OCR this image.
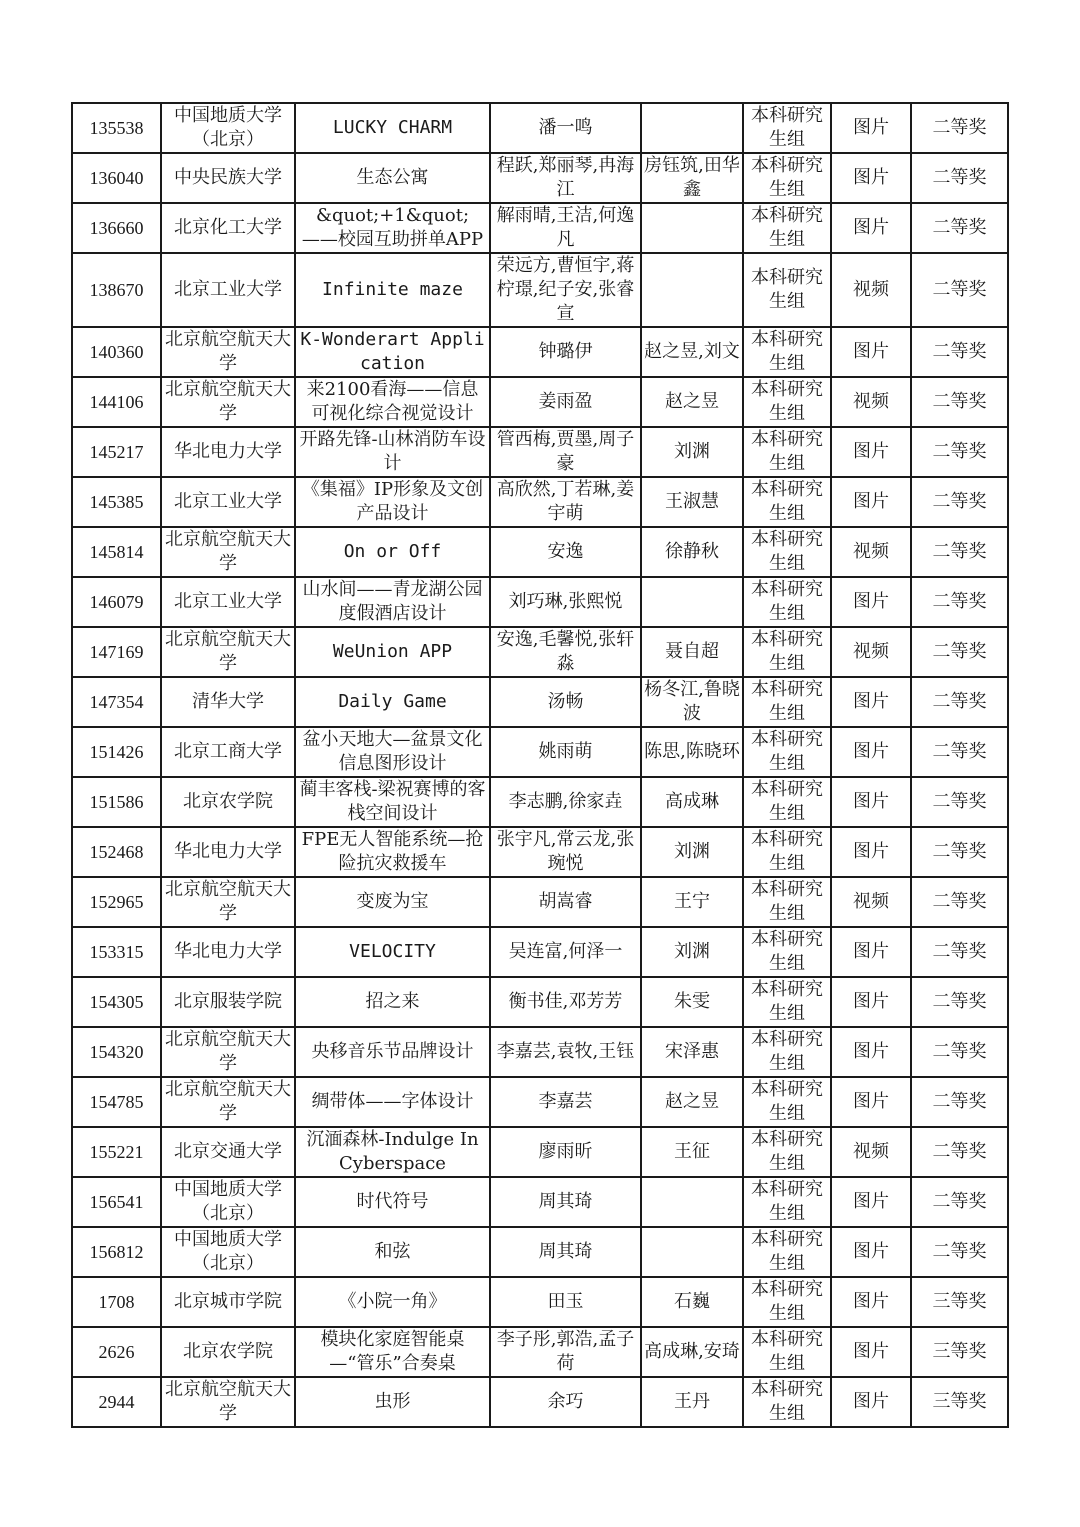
135538	中国地质大学（北京）	LUCKY CHARM	潘一鸣		本科研究生组	图片	二等奖
136040	中央民族大学	生态公寓	程跃,郑丽琴,冉海江	房钰筑,田华鑫	本科研究生组	图片	二等奖
136660	北京化工大学	&quot;+1&quot;——校园互助拼单APP	解雨晴,王洁,何逸凡		本科研究生组	图片	二等奖
138670	北京工业大学	Infinite maze	荣远方,曹恒宇,蒋柠璟,纪子安,张睿宣		本科研究生组	视频	二等奖
140360	北京航空航天大学	K-Wonderart Application	钟璐伊	赵之昱,刘文	本科研究生组	图片	二等奖
144106	北京航空航天大学	来2100看海——信息可视化综合视觉设计	姜雨盈	赵之昱	本科研究生组	视频	二等奖
145217	华北电力大学	开路先锋-山林消防车设计	管西梅,贾墨,周子豪	刘渊	本科研究生组	图片	二等奖
145385	北京工业大学	《集福》IP形象及文创产品设计	高欣然,丁若琳,姜宇萌	王淑慧	本科研究生组	图片	二等奖
145814	北京航空航天大学	On or Off	安逸	徐静秋	本科研究生组	视频	二等奖
146079	北京工业大学	山水间——青龙湖公园度假酒店设计	刘巧琳,张熙悦		本科研究生组	图片	二等奖
147169	北京航空航天大学	WeUnion APP	安逸,毛馨悦,张轩淼	聂自超	本科研究生组	视频	二等奖
147354	清华大学	Daily Game	汤畅	杨冬江,鲁晓波	本科研究生组	图片	二等奖
151426	北京工商大学	盆小天地大—盆景文化信息图形设计	姚雨萌	陈思,陈晓环	本科研究生组	图片	二等奖
151586	北京农学院	蔺丰客栈-梁祝赛博的客栈空间设计	李志鹏,徐家垚	高成琳	本科研究生组	图片	二等奖
152468	华北电力大学	FPE无人智能系统—抢险抗灾救援车	张宇凡,常云龙,张琬悦	刘渊	本科研究生组	图片	二等奖
152965	北京航空航天大学	变废为宝	胡嵩睿	王宁	本科研究生组	视频	二等奖
153315	华北电力大学	VELOCITY	吴连富,何泽一	刘渊	本科研究生组	图片	二等奖
154305	北京服装学院	招之来	衡书佳,邓芳芳	朱雯	本科研究生组	图片	二等奖
154320	北京航空航天大学	央移音乐节品牌设计	李嘉芸,袁牧,王钰	宋泽惠	本科研究生组	图片	二等奖
154785	北京航空航天大学	绸带体——字体设计	李嘉芸	赵之昱	本科研究生组	图片	二等奖
155221	北京交通大学	沉湎森林-Indulge In Cyberspace	廖雨昕	王征	本科研究生组	视频	二等奖
156541	中国地质大学（北京）	时代符号	周其琦		本科研究生组	图片	二等奖
156812	中国地质大学（北京）	和弦	周其琦		本科研究生组	图片	二等奖
1708	北京城市学院	《小院一角》	田玉	石巍	本科研究生组	图片	三等奖
2626	北京农学院	模块化家庭智能桌—“管乐”合奏桌	李子彤,郭浩,孟子荷	高成琳,安琦	本科研究生组	图片	三等奖
2944	北京航空航天大学	虫形	余巧	王丹	本科研究生组	图片	三等奖
